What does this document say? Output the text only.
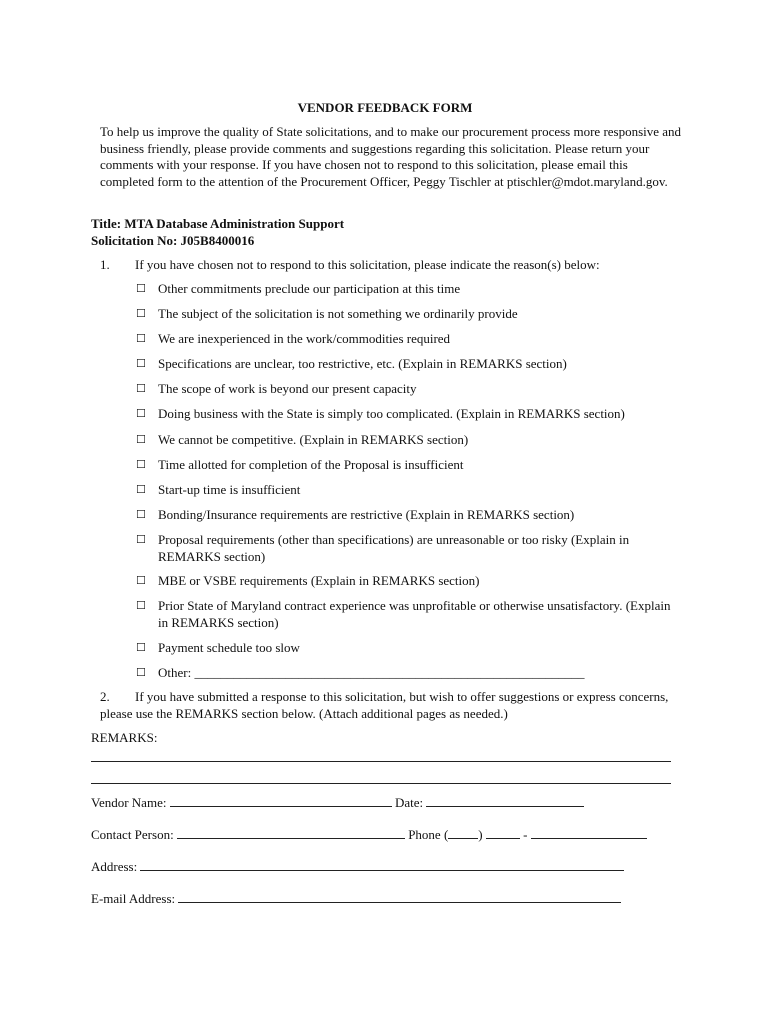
VENDOR FEEDBACK FORM
To help us improve the quality of State solicitations, and to make our procurement process more responsive and business friendly, please provide comments and suggestions regarding this solicitation. Please return your comments with your response. If you have chosen not to respond to this solicitation, please email this completed form to the attention of the Procurement Officer, Peggy Tischler at ptischler@mdot.maryland.gov.
Title: MTA Database Administration Support
Solicitation No: J05B8400016
1. If you have chosen not to respond to this solicitation, please indicate the reason(s) below:
☐ Other commitments preclude our participation at this time
☐ The subject of the solicitation is not something we ordinarily provide
☐ We are inexperienced in the work/commodities required
☐ Specifications are unclear, too restrictive, etc. (Explain in REMARKS section)
☐ The scope of work is beyond our present capacity
☐ Doing business with the State is simply too complicated. (Explain in REMARKS section)
☐ We cannot be competitive. (Explain in REMARKS section)
☐ Time allotted for completion of the Proposal is insufficient
☐ Start-up time is insufficient
☐ Bonding/Insurance requirements are restrictive (Explain in REMARKS section)
☐ Proposal requirements (other than specifications) are unreasonable or too risky (Explain in REMARKS section)
☐ MBE or VSBE requirements (Explain in REMARKS section)
☐ Prior State of Maryland contract experience was unprofitable or otherwise unsatisfactory. (Explain in REMARKS section)
☐ Payment schedule too slow
☐ Other: ____________________________________________________________
2. If you have submitted a response to this solicitation, but wish to offer suggestions or express concerns, please use the REMARKS section below. (Attach additional pages as needed.)
REMARKS:
Vendor Name:	Date:
Contact Person:	Phone ( )	-
Address:
E-mail Address:
